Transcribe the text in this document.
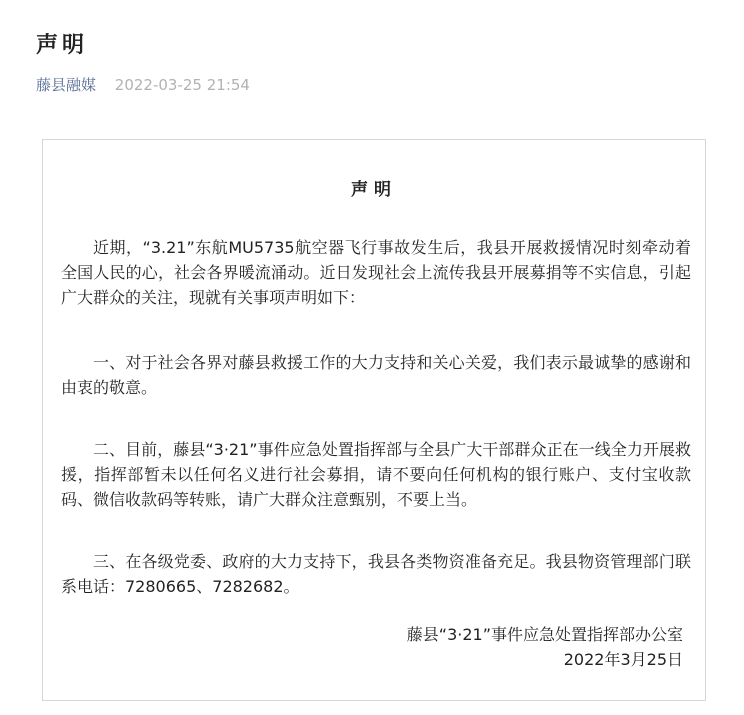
声明
藤县融媒 2022-03-25 21:54
声明

近期，“3.21”东航MU5735航空器飞行事故发生后，我县开展救援情况时刻牵动着全国人民的心，社会各界暖流涌动。近日发现社会上流传我县开展募捐等不实信息，引起广大群众的关注，现就有关事项声明如下：

一、对于社会各界对藤县救援工作的大力支持和关心关爱，我们表示最诚挚的感谢和由衷的敬意。

二、目前，藤县“3·21”事件应急处置指挥部与全县广大干部群众正在一线全力开展救援，指挥部暂未以任何名义进行社会募捐，请不要向任何机构的银行账户、支付宝收款码、微信收款码等转账，请广大群众注意甄别，不要上当。

三、在各级党委、政府的大力支持下，我县各类物资准备充足。我县物资管理部门联系电话：7280665、7282682。

藤县“3·21”事件应急处置指挥部办公室
2022年3月25日
